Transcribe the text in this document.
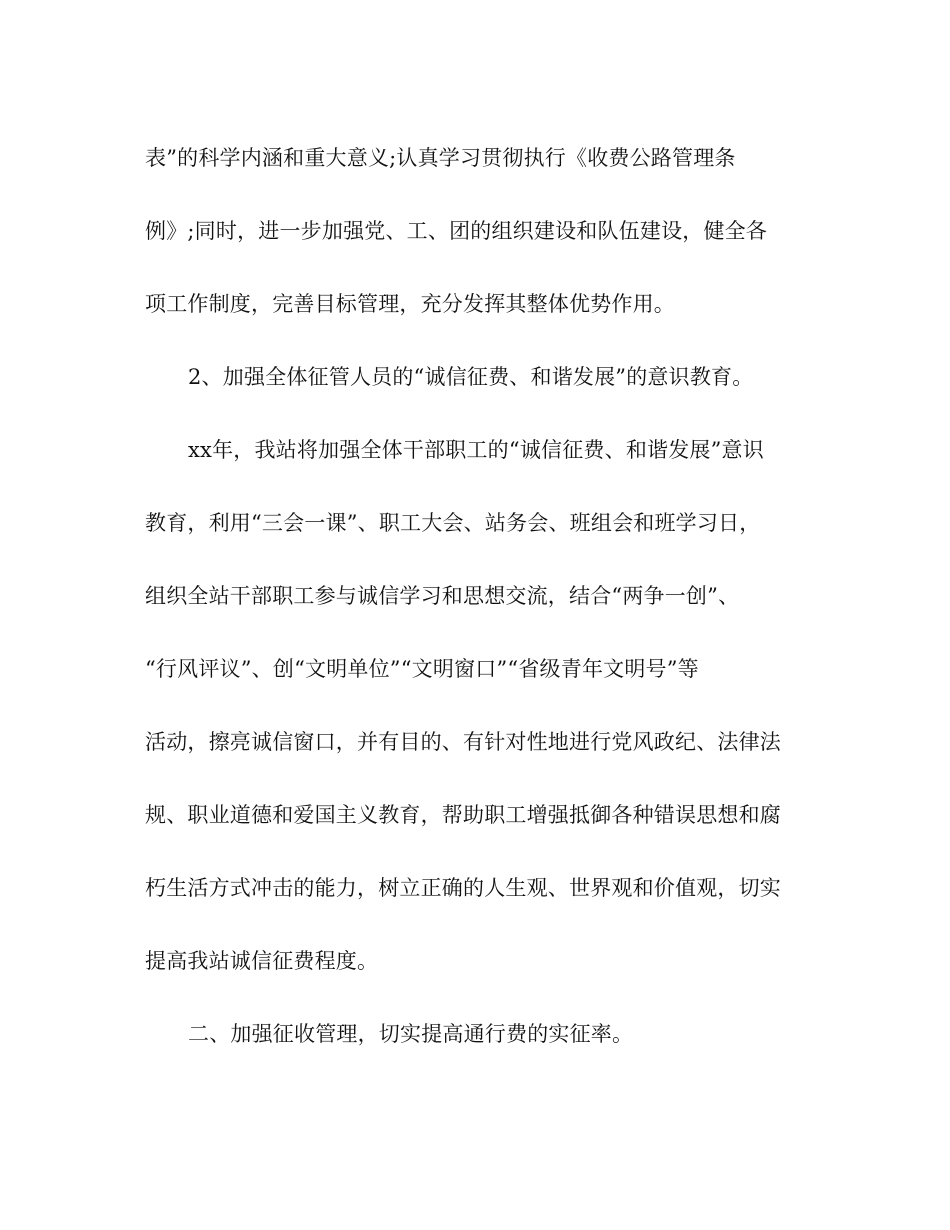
表”的科学内涵和重大意义;认真学习贯彻执行《收费公路管理条
例》;同时，进一步加强党、工、团的组织建设和队伍建设，健全各
项工作制度，完善目标管理，充分发挥其整体优势作用。
2、加强全体征管人员的“诚信征费、和谐发展”的意识教育。
xx年，我站将加强全体干部职工的“诚信征费、和谐发展”意识
教育，利用“三会一课”、职工大会、站务会、班组会和班学习日，
组织全站干部职工参与诚信学习和思想交流，结合“两争一创”、
“行风评议”、创“文明单位”“文明窗口”“省级青年文明号”等
活动，擦亮诚信窗口，并有目的、有针对性地进行党风政纪、法律法
规、职业道德和爱国主义教育，帮助职工增强抵御各种错误思想和腐
朽生活方式冲击的能力，树立正确的人生观、世界观和价值观，切实
提高我站诚信征费程度。
二、加强征收管理，切实提高通行费的实征率。
